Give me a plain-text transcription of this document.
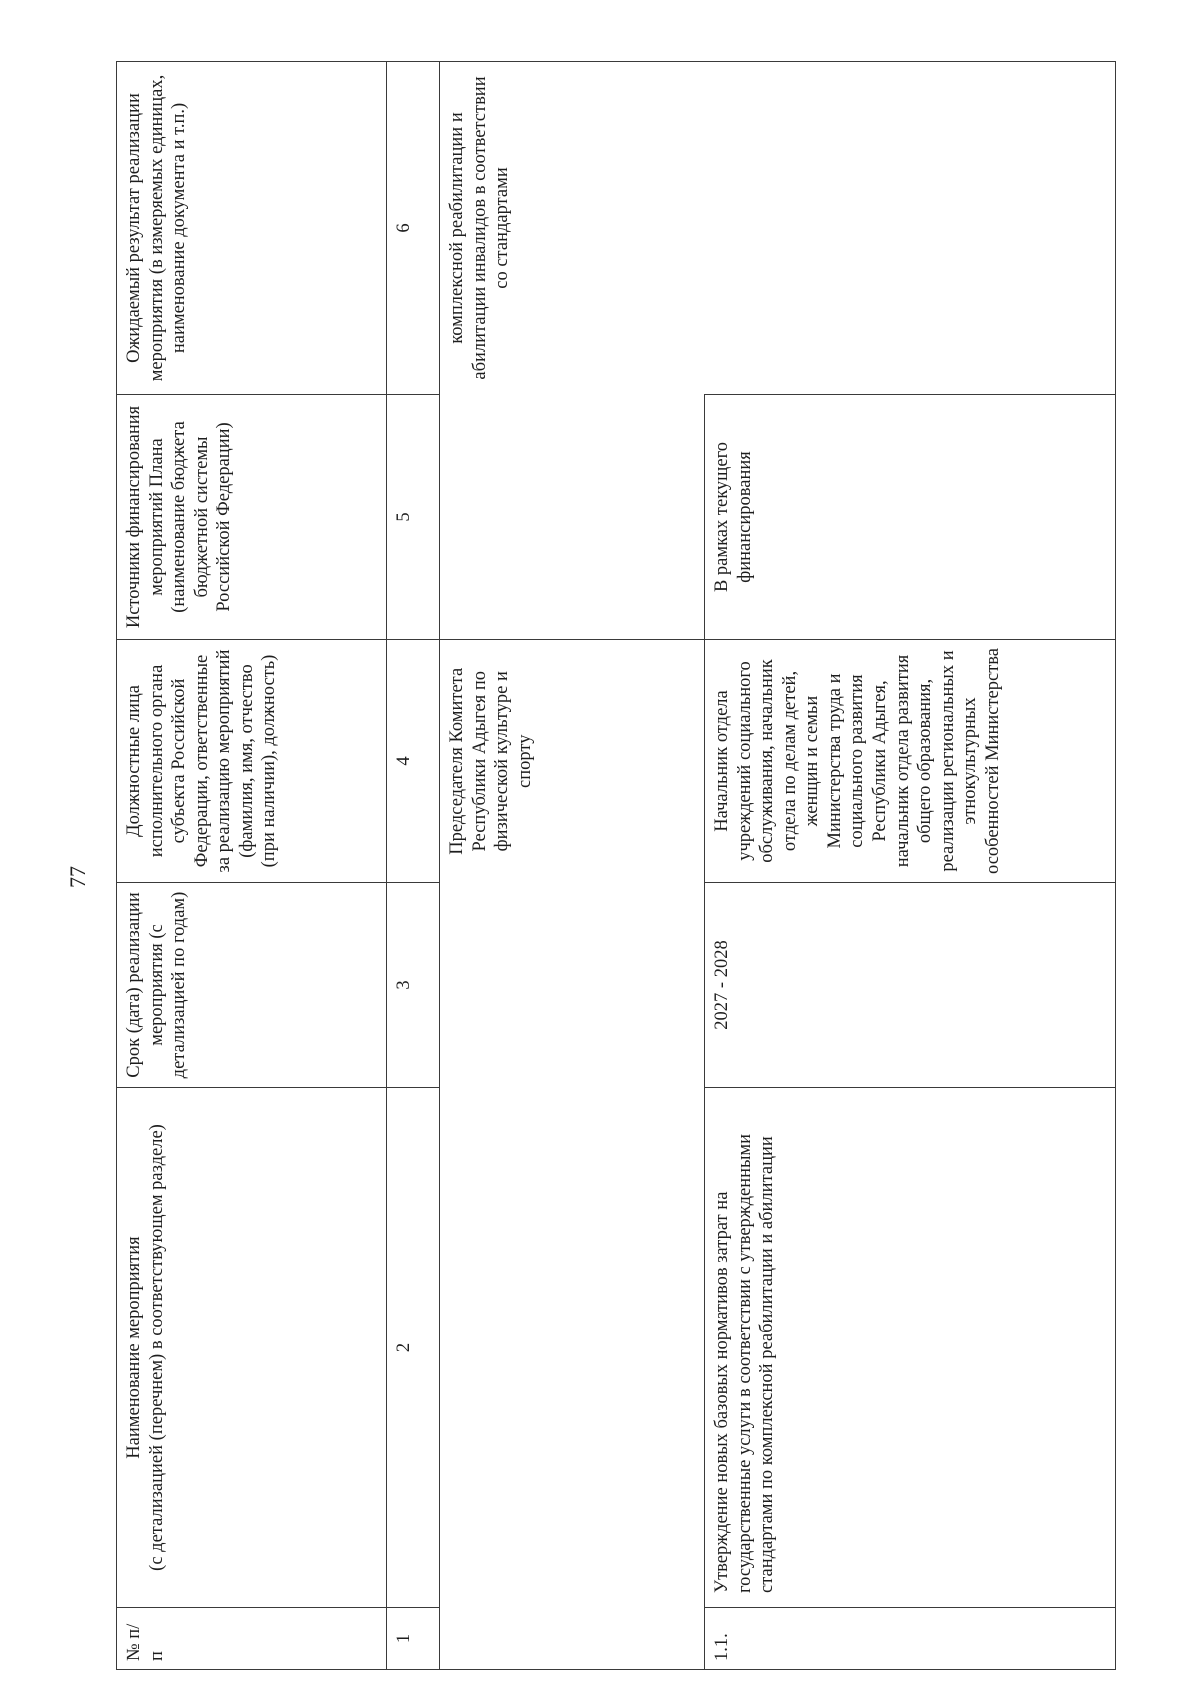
77
№ п/п	Наименование мероприятия (с детализацией (перечнем) в соответствующем разделе)	Срок (дата) реализации мероприятия (с детализацией по годам)	Должностные лица исполнительного органа субъекта Российской Федерации, ответственные за реализацию мероприятий (фамилия, имя, отчество (при наличии), должность)	Источники финансирования мероприятий Плана (наименование бюджета бюджетной системы Российской Федерации)	Ожидаемый результат реализации мероприятия (в измеряемых единицах, наименование документа и т.п.)
1	2	3	4	5	6
			Председателя Комитета Республики Адыгея по физической культуре и спорту		комплексной реабилитации и абилитации инвалидов в соответствии со стандартами
1.1.	Утверждение новых базовых нормативов затрат на государственные услуги в соответствии с утвержденными стандартами по комплексной реабилитации и абилитации	2027 - 2028	Начальник отдела учреждений социального обслуживания, начальник отдела по делам детей, женщин и семьи Министерства труда и социального развития Республики Адыгея, начальник отдела развития общего образования, реализации региональных и этнокультурных особенностей Министерства	В рамках текущего финансирования	
